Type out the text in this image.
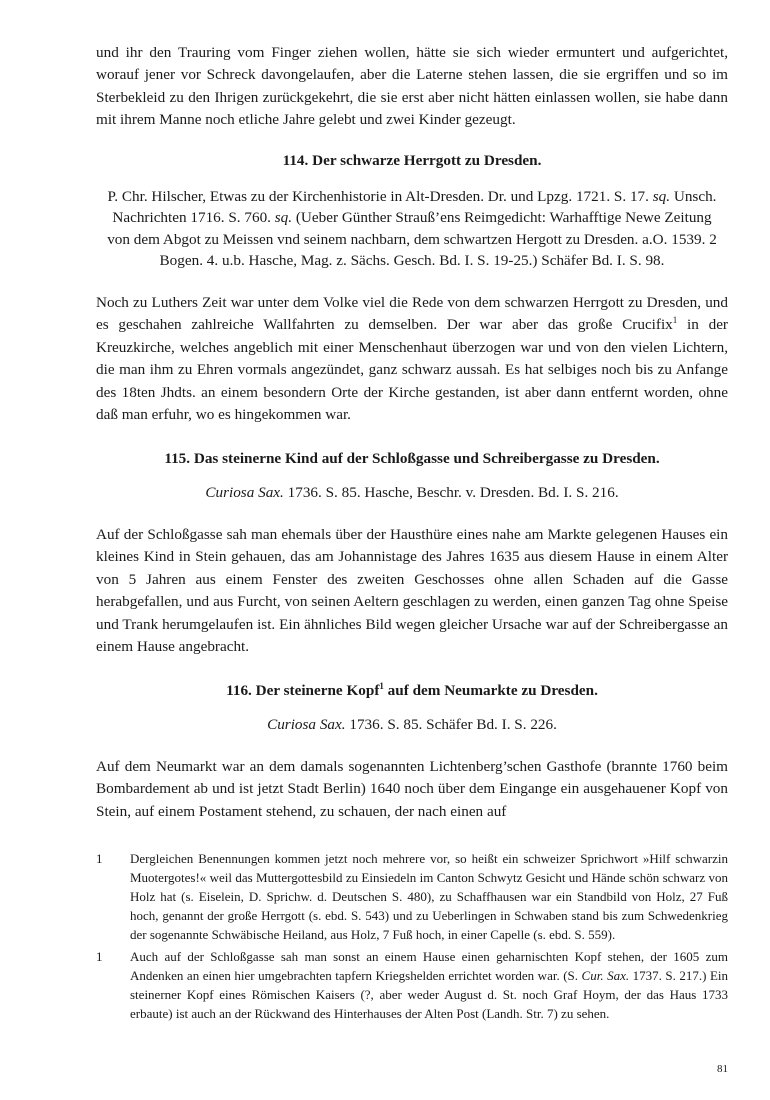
und ihr den Trauring vom Finger ziehen wollen, hätte sie sich wieder ermuntert und aufgerichtet, worauf jener vor Schreck davongelaufen, aber die Laterne stehen lassen, die sie ergriffen und so im Sterbekleid zu den Ihrigen zurückgekehrt, die sie erst aber nicht hätten einlassen wollen, sie habe dann mit ihrem Manne noch etliche Jahre gelebt und zwei Kinder gezeugt.

114. Der schwarze Herrgott zu Dresden.

P. Chr. Hilscher, Etwas zu der Kirchenhistorie in Alt-Dresden. Dr. und Lpzg. 1721. S. 17. sq. Unsch. Nachrichten 1716. S. 760. sq. (Ueber Günther Strauß’ens Reimgedicht: Warhafftige Newe Zeitung von dem Abgot zu Meissen vnd seinem nachbarn, dem schwartzen Hergott zu Dresden. a.O. 1539. 2 Bogen. 4. u.b. Hasche, Mag. z. Sächs. Gesch. Bd. I. S. 19-25.) Schäfer Bd. I. S. 98.

Noch zu Luthers Zeit war unter dem Volke viel die Rede von dem schwarzen Herrgott zu Dresden, und es geschahen zahlreiche Wallfahrten zu demselben. Der war aber das große Crucifix$^1$ in der Kreuzkirche, welches angeblich mit einer Menschenhaut überzogen war und von den vielen Lichtern, die man ihm zu Ehren vormals angezündet, ganz schwarz aussah. Es hat selbiges noch bis zu Anfange des 18ten Jhdts. an einem besondern Orte der Kirche gestanden, ist aber dann entfernt worden, ohne daß man erfuhr, wo es hingekommen war.

115. Das steinerne Kind auf der Schloßgasse und Schreibergasse zu Dresden.

Curiosa Sax. 1736. S. 85. Hasche, Beschr. v. Dresden. Bd. I. S. 216.

Auf der Schloßgasse sah man ehemals über der Hausthüre eines nahe am Markte gelegenen Hauses ein kleines Kind in Stein gehauen, das am Johannistage des Jahres 1635 aus diesem Hause in einem Alter von 5 Jahren aus einem Fenster des zweiten Geschosses ohne allen Schaden auf die Gasse herabgefallen, und aus Furcht, von seinen Aeltern geschlagen zu werden, einen ganzen Tag ohne Speise und Trank herumgelaufen ist. Ein ähnliches Bild wegen gleicher Ursache war auf der Schreibergasse an einem Hause angebracht.

116. Der steinerne Kopf$^1$ auf dem Neumarkte zu Dresden.

Curiosa Sax. 1736. S. 85. Schäfer Bd. I. S. 226.

Auf dem Neumarkt war an dem damals sogenannten Lichtenberg’schen Gasthofe (brannte 1760 beim Bombardement ab und ist jetzt Stadt Berlin) 1640 noch über dem Eingange ein ausgehauener Kopf von Stein, auf einem Postament stehend, zu schauen, der nach einen auf

1 Dergleichen Benennungen kommen jetzt noch mehrere vor, so heißt ein schweizer Sprichwort »Hilf schwarzin Muotergotes!« weil das Muttergottesbild zu Einsiedeln im Canton Schwytz Gesicht und Hände schön schwarz von Holz hat (s. Eiselein, D. Sprichw. d. Deutschen S. 480), zu Schaffhausen war ein Standbild von Holz, 27 Fuß hoch, genannt der große Herrgott (s. ebd. S. 543) und zu Ueberlingen in Schwaben stand bis zum Schwedenkrieg der sogenannte Schwäbische Heiland, aus Holz, 7 Fuß hoch, in einer Capelle (s. ebd. S. 559).

1 Auch auf der Schloßgasse sah man sonst an einem Hause einen geharnischten Kopf stehen, der 1605 zum Andenken an einen hier umgebrachten tapfern Kriegshelden errichtet worden war. (S. Cur. Sax. 1737. S. 217.) Ein steinerner Kopf eines Römischen Kaisers (?, aber weder August d. St. noch Graf Hoym, der das Haus 1733 erbaute) ist auch an der Rückwand des Hinterhauses der Alten Post (Landh. Str. 7) zu sehen.

81
